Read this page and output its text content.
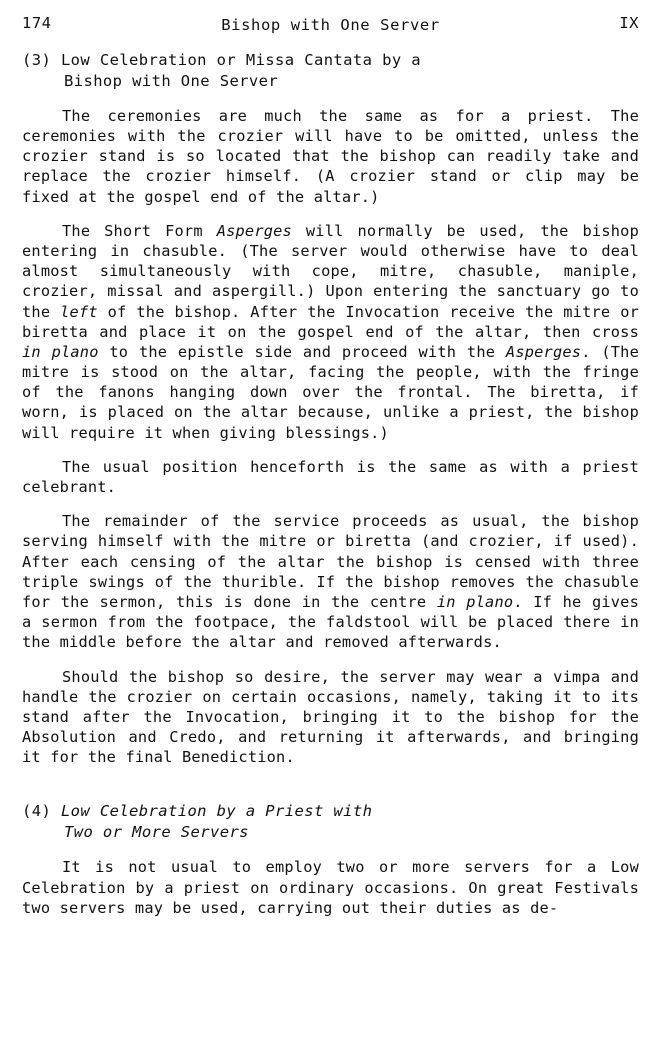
174	IX
Bishop with One Server
(3) Low Celebration or Missa Cantata by a
Bishop with One Server

The ceremonies are much the same as for a priest. The ceremonies with the crozier will have to be omitted, unless the crozier stand is so located that the bishop can readily take and replace the crozier himself. (A crozier stand or clip may be fixed at the gospel end of the altar.)

The Short Form Asperges will normally be used, the bishop entering in chasuble. (The server would otherwise have to deal almost simultaneously with cope, mitre, chasuble, maniple, crozier, missal and aspergill.) Upon entering the sanctuary go to the left of the bishop. After the Invocation receive the mitre or biretta and place it on the gospel end of the altar, then cross in plano to the epistle side and proceed with the Asperges. (The mitre is stood on the altar, facing the people, with the fringe of the fanons hanging down over the frontal. The biretta, if worn, is placed on the altar because, unlike a priest, the bishop will require it when giving blessings.)

The usual position henceforth is the same as with a priest celebrant.

The remainder of the service proceeds as usual, the bishop serving himself with the mitre or biretta (and crozier, if used). After each censing of the altar the bishop is censed with three triple swings of the thurible. If the bishop removes the chasuble for the sermon, this is done in the centre in plano. If he gives a sermon from the footpace, the faldstool will be placed there in the middle before the altar and removed afterwards.

Should the bishop so desire, the server may wear a vimpa and handle the crozier on certain occasions, namely, taking it to its stand after the Invocation, bringing it to the bishop for the Absolution and Credo, and returning it afterwards, and bringing it for the final Benediction.

(4) Low Celebration by a Priest with
Two or More Servers

It is not usual to employ two or more servers for a Low Celebration by a priest on ordinary occasions. On great Festivals two servers may be used, carrying out their duties as de-
